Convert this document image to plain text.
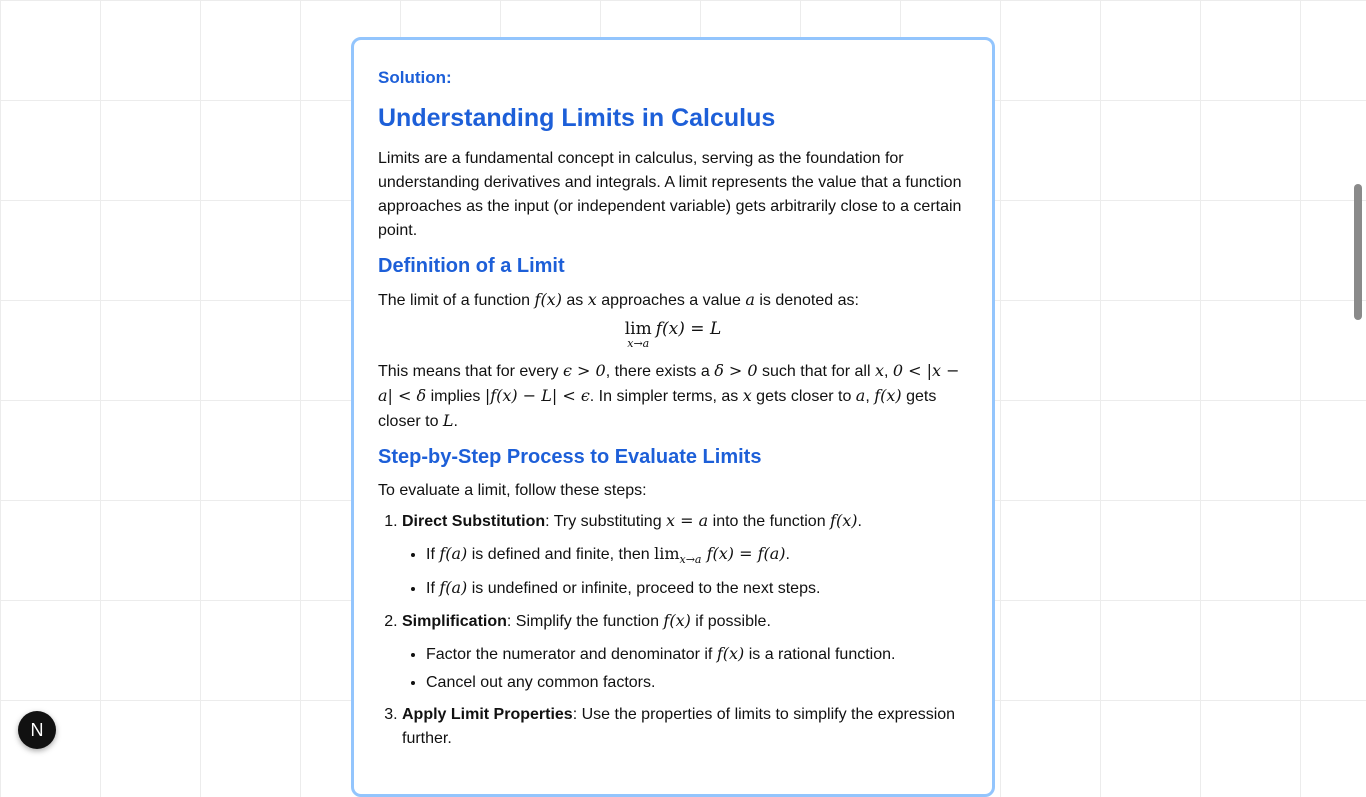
Solution:
Understanding Limits in Calculus

Limits are a fundamental concept in calculus, serving as the foundation for understanding derivatives and integrals. A limit represents the value that a function approaches as the input (or independent variable) gets arbitrarily close to a certain point.

Definition of a Limit

The limit of a function f(x) as x approaches a value a is denoted as:

lim
x→a
f(x) = L

This means that for every ϵ > 0, there exists a δ > 0 such that for all x, 0 < |x − a| < δ implies |f(x) − L| < ϵ. In simpler terms, as x gets closer to a, f(x) gets closer to L.

Step-by-Step Process to Evaluate Limits

To evaluate a limit, follow these steps:

1. Direct Substitution: Try substituting x = a into the function f(x).
• If f(a) is defined and finite, then $\lim_{x\to a} f(x) = f(a)$.
• If f(a) is undefined or infinite, proceed to the next steps.
2. Simplification: Simplify the function f(x) if possible.
• Factor the numerator and denominator if f(x) is a rational function.
• Cancel out any common factors.
3. Apply Limit Properties: Use the properties of limits to simplify the expression further.
N
